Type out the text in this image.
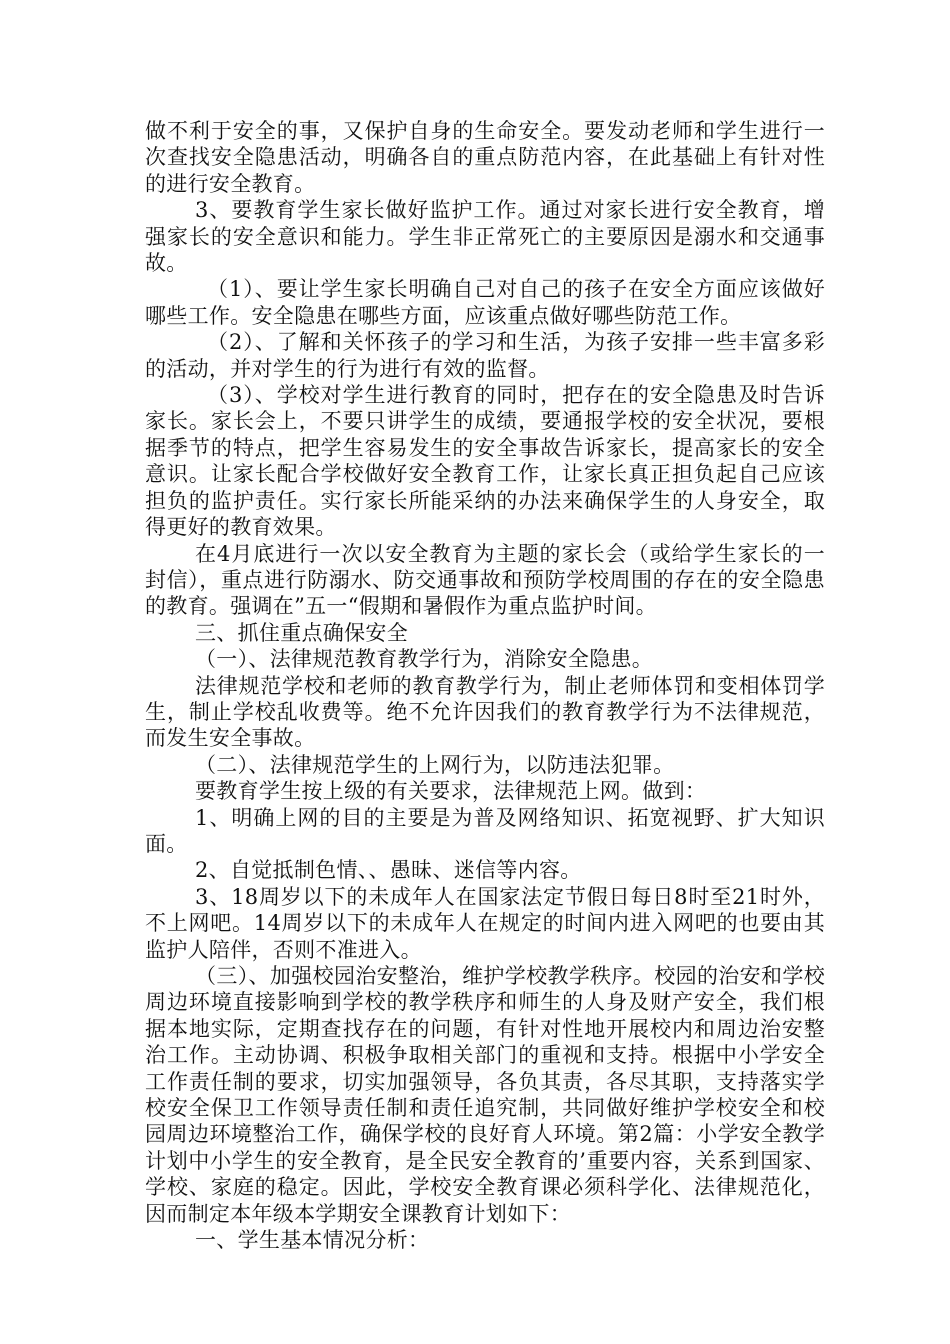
做不利于安全的事，又保护自身的生命安全。要发动老师和学生进行一次查找安全隐患活动，明确各自的重点防范内容，在此基础上有针对性的进行安全教育。

3、要教育学生家长做好监护工作。通过对家长进行安全教育，增强家长的安全意识和能力。学生非正常死亡的主要原因是溺水和交通事故。

（1）、要让学生家长明确自己对自己的孩子在安全方面应该做好哪些工作。安全隐患在哪些方面，应该重点做好哪些防范工作。

（2）、了解和关怀孩子的学习和生活，为孩子安排一些丰富多彩的活动，并对学生的行为进行有效的监督。

（3）、学校对学生进行教育的同时，把存在的安全隐患及时告诉家长。家长会上，不要只讲学生的成绩，要通报学校的安全状况，要根据季节的特点，把学生容易发生的安全事故告诉家长，提高家长的安全意识。让家长配合学校做好安全教育工作，让家长真正担负起自己应该担负的监护责任。实行家长所能采纳的办法来确保学生的人身安全，取得更好的教育效果。

在4月底进行一次以安全教育为主题的家长会（或给学生家长的一封信），重点进行防溺水、防交通事故和预防学校周围的存在的安全隐患的教育。强调在”五一“假期和暑假作为重点监护时间。

三、抓住重点确保安全

（一）、法律规范教育教学行为，消除安全隐患。

法律规范学校和老师的教育教学行为，制止老师体罚和变相体罚学生，制止学校乱收费等。绝不允许因我们的教育教学行为不法律规范，而发生安全事故。

（二）、法律规范学生的上网行为，以防违法犯罪。

要教育学生按上级的有关要求，法律规范上网。做到：

1、明确上网的目的主要是为普及网络知识、拓宽视野、扩大知识面。

2、自觉抵制色情、、愚昧、迷信等内容。

3、18周岁以下的未成年人在国家法定节假日每日8时至21时外，不上网吧。14周岁以下的未成年人在规定的时间内进入网吧的也要由其监护人陪伴，否则不准进入。

（三）、加强校园治安整治，维护学校教学秩序。校园的治安和学校周边环境直接影响到学校的教学秩序和师生的人身及财产安全，我们根据本地实际，定期查找存在的问题，有针对性地开展校内和周边治安整治工作。主动协调、积极争取相关部门的重视和支持。根据中小学安全工作责任制的要求，切实加强领导，各负其责，各尽其职，支持落实学校安全保卫工作领导责任制和责任追究制，共同做好维护学校安全和校园周边环境整治工作，确保学校的良好育人环境。第2篇：小学安全教学计划中小学生的安全教育，是全民安全教育的’重要内容，关系到国家、学校、家庭的稳定。因此，学校安全教育课必须科学化、法律规范化，因而制定本年级本学期安全课教育计划如下：

一、学生基本情况分析：
